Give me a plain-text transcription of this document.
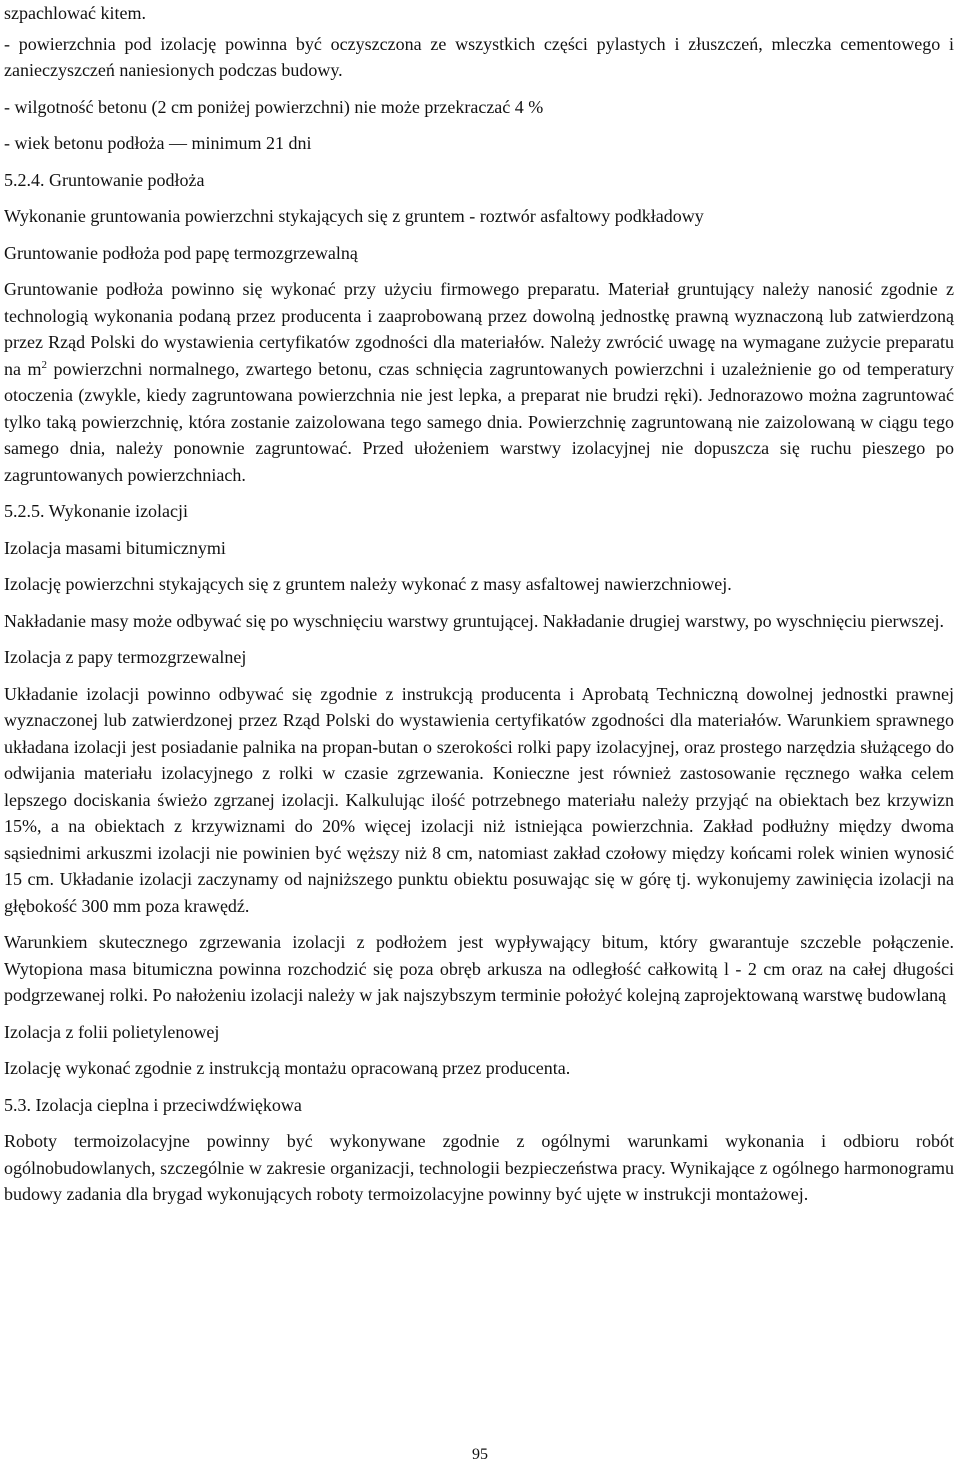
szpachlować kitem.

- powierzchnia pod izolację powinna być oczyszczona ze wszystkich części pylastych i złuszczeń, mleczka cementowego i zanieczyszczeń naniesionych podczas budowy.

- wilgotność betonu (2 cm poniżej powierzchni) nie może przekraczać 4 %

- wiek betonu podłoża — minimum 21 dni

5.2.4. Gruntowanie podłoża

Wykonanie gruntowania powierzchni stykających się z gruntem - roztwór asfaltowy podkładowy

Gruntowanie podłoża pod papę termozgrzewalną

Gruntowanie podłoża powinno się wykonać przy użyciu firmowego preparatu. Materiał gruntujący należy nanosić zgodnie z technologią wykonania podaną przez producenta i zaaprobowaną przez dowolną jednostkę prawną wyznaczoną lub zatwierdzoną przez Rząd Polski do wystawienia certyfikatów zgodności dla materiałów. Należy zwrócić uwagę na wymagane zużycie preparatu na $m^2$ powierzchni normalnego, zwartego betonu, czas schnięcia zagruntowanych powierzchni i uzależnienie go od temperatury otoczenia (zwykle, kiedy zagruntowana powierzchnia nie jest lepka, a preparat nie brudzi ręki). Jednorazowo można zagruntować tylko taką powierzchnię, która zostanie zaizolowana tego samego dnia. Powierzchnię zagruntowaną nie zaizolowaną w ciągu tego samego dnia, należy ponownie zagruntować. Przed ułożeniem warstwy izolacyjnej nie dopuszcza się ruchu pieszego po zagruntowanych powierzchniach.

5.2.5. Wykonanie izolacji

Izolacja masami bitumicznymi

Izolację powierzchni stykających się z gruntem należy wykonać z masy asfaltowej nawierzchniowej.

Nakładanie masy może odbywać się po wyschnięciu warstwy gruntującej. Nakładanie drugiej warstwy, po wyschnięciu pierwszej.

Izolacja z papy termozgrzewalnej

Układanie izolacji powinno odbywać się zgodnie z instrukcją producenta i Aprobatą Techniczną dowolnej jednostki prawnej wyznaczonej lub zatwierdzonej przez Rząd Polski do wystawienia certyfikatów zgodności dla materiałów. Warunkiem sprawnego układana izolacji jest posiadanie palnika na propan-butan o szerokości rolki papy izolacyjnej, oraz prostego narzędzia służącego do odwijania materiału izolacyjnego z rolki w czasie zgrzewania. Konieczne jest również zastosowanie ręcznego wałka celem lepszego dociskania świeżo zgrzanej izolacji. Kalkulując ilość potrzebnego materiału należy przyjąć na obiektach bez krzywizn 15%, a na obiektach z krzywiznami do 20% więcej izolacji niż istniejąca powierzchnia. Zakład podłużny między dwoma sąsiednimi arkuszmi izolacji nie powinien być węższy niż 8 cm, natomiast zakład czołowy między końcami rolek winien wynosić 15 cm. Układanie izolacji zaczynamy od najniższego punktu obiektu posuwając się w górę tj. wykonujemy zawinięcia izolacji na głębokość 300 mm poza krawędź.

Warunkiem skutecznego zgrzewania izolacji z podłożem jest wypływający bitum, który gwarantuje szczeble połączenie. Wytopiona masa bitumiczna powinna rozchodzić się poza obręb arkusza na odległość całkowitą l - 2 cm oraz na całej długości podgrzewanej rolki. Po nałożeniu izolacji należy w jak najszybszym terminie położyć kolejną zaprojektowaną warstwę budowlaną

Izolacja z folii polietylenowej

Izolację wykonać zgodnie z instrukcją montażu opracowaną przez producenta.

5.3. Izolacja cieplna i przeciwdźwiękowa

Roboty termoizolacyjne powinny być wykonywane zgodnie z ogólnymi warunkami wykonania i odbioru robót ogólnobudowlanych, szczególnie w zakresie organizacji, technologii bezpieczeństwa pracy. Wynikające z ogólnego harmonogramu budowy zadania dla brygad wykonujących roboty termoizolacyjne powinny być ujęte w instrukcji montażowej.

95
